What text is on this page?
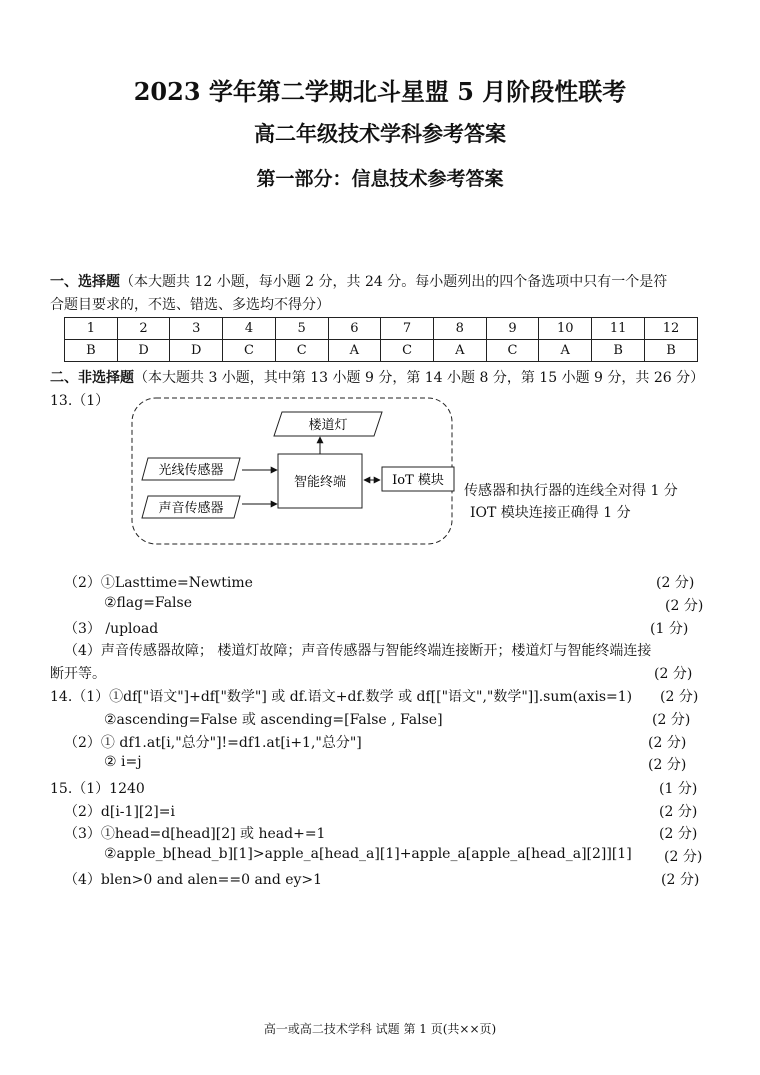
2023 学年第二学期北斗星盟 5 月阶段性联考
高二年级技术学科参考答案
第一部分：信息技术参考答案
一、选择题（本大题共 12 小题，每小题 2 分，共 24 分。每小题列出的四个备选项中只有一个是符
合题目要求的，不选、错选、多选均不得分）
1	2	3	4	5	6	7	8	9	10	11	12
B	D	D	C	C	A	C	A	C	A	B	B
二、非选择题（本大题共 3 小题，其中第 13 小题 9 分，第 14 小题 8 分，第 15 小题 9 分，共 26 分）
13.（1）
楼道灯
智能终端
光线传感器
声音传感器
IoT 模块
传感器和执行器的连线全对得 1 分
IOT 模块连接正确得 1 分
（2）①Lasttime=Newtime	(2 分)
②flag=False	(2 分)
（3） /upload	(1 分)
（4）声音传感器故障； 楼道灯故障；声音传感器与智能终端连接断开；楼道灯与智能终端连接
断开等。	(2 分)
14.（1）①df["语文"]+df["数学"] 或 df.语文+df.数学 或 df[["语文","数学"]].sum(axis=1) (2 分)
②ascending=False 或 ascending=[False , False]	(2 分)
（2）① df1.at[i,"总分"]!=df1.at[i+1,"总分"]	(2 分)
② i=j	(2 分)
15.（1）1240	(1 分)
（2）d[i-1][2]=i	(2 分)
（3）①head=d[head][2] 或 head+=1	(2 分)
②apple_b[head_b][1]>apple_a[head_a][1]+apple_a[apple_a[head_a][2]][1] (2 分)
（4）blen>0 and alen==0 and ey>1	(2 分)
高一或高二技术学科 试题 第 1 页(共××页)
